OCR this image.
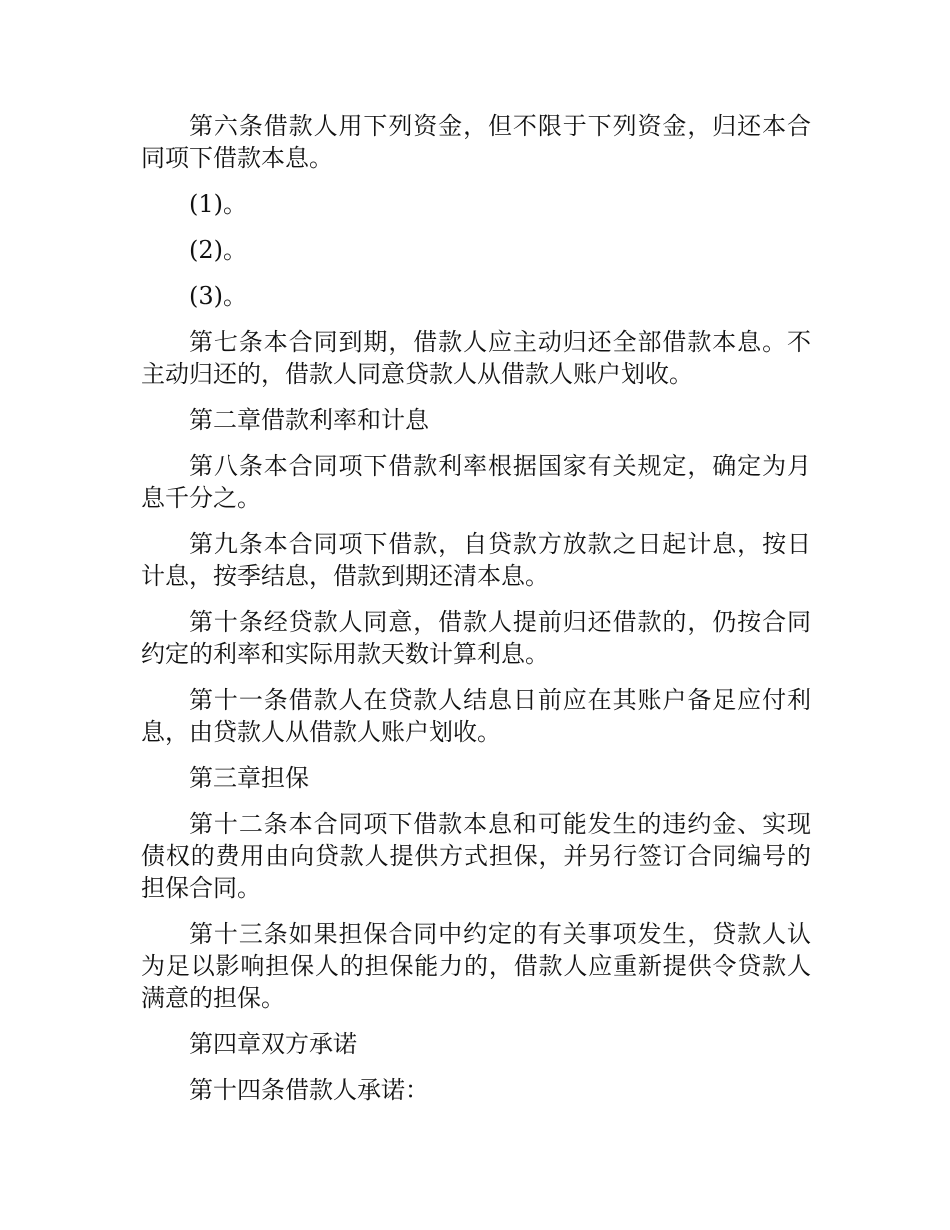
第六条借款人用下列资金，但不限于下列资金，归还本合同项下借款本息。

(1)。

(2)。

(3)。

第七条本合同到期，借款人应主动归还全部借款本息。不主动归还的，借款人同意贷款人从借款人账户划收。

第二章借款利率和计息

第八条本合同项下借款利率根据国家有关规定，确定为月息千分之。

第九条本合同项下借款，自贷款方放款之日起计息，按日计息，按季结息，借款到期还清本息。

第十条经贷款人同意，借款人提前归还借款的，仍按合同约定的利率和实际用款天数计算利息。

第十一条借款人在贷款人结息日前应在其账户备足应付利息，由贷款人从借款人账户划收。

第三章担保

第十二条本合同项下借款本息和可能发生的违约金、实现债权的费用由向贷款人提供方式担保，并另行签订合同编号的担保合同。

第十三条如果担保合同中约定的有关事项发生，贷款人认为足以影响担保人的担保能力的，借款人应重新提供令贷款人满意的担保。

第四章双方承诺

第十四条借款人承诺：
